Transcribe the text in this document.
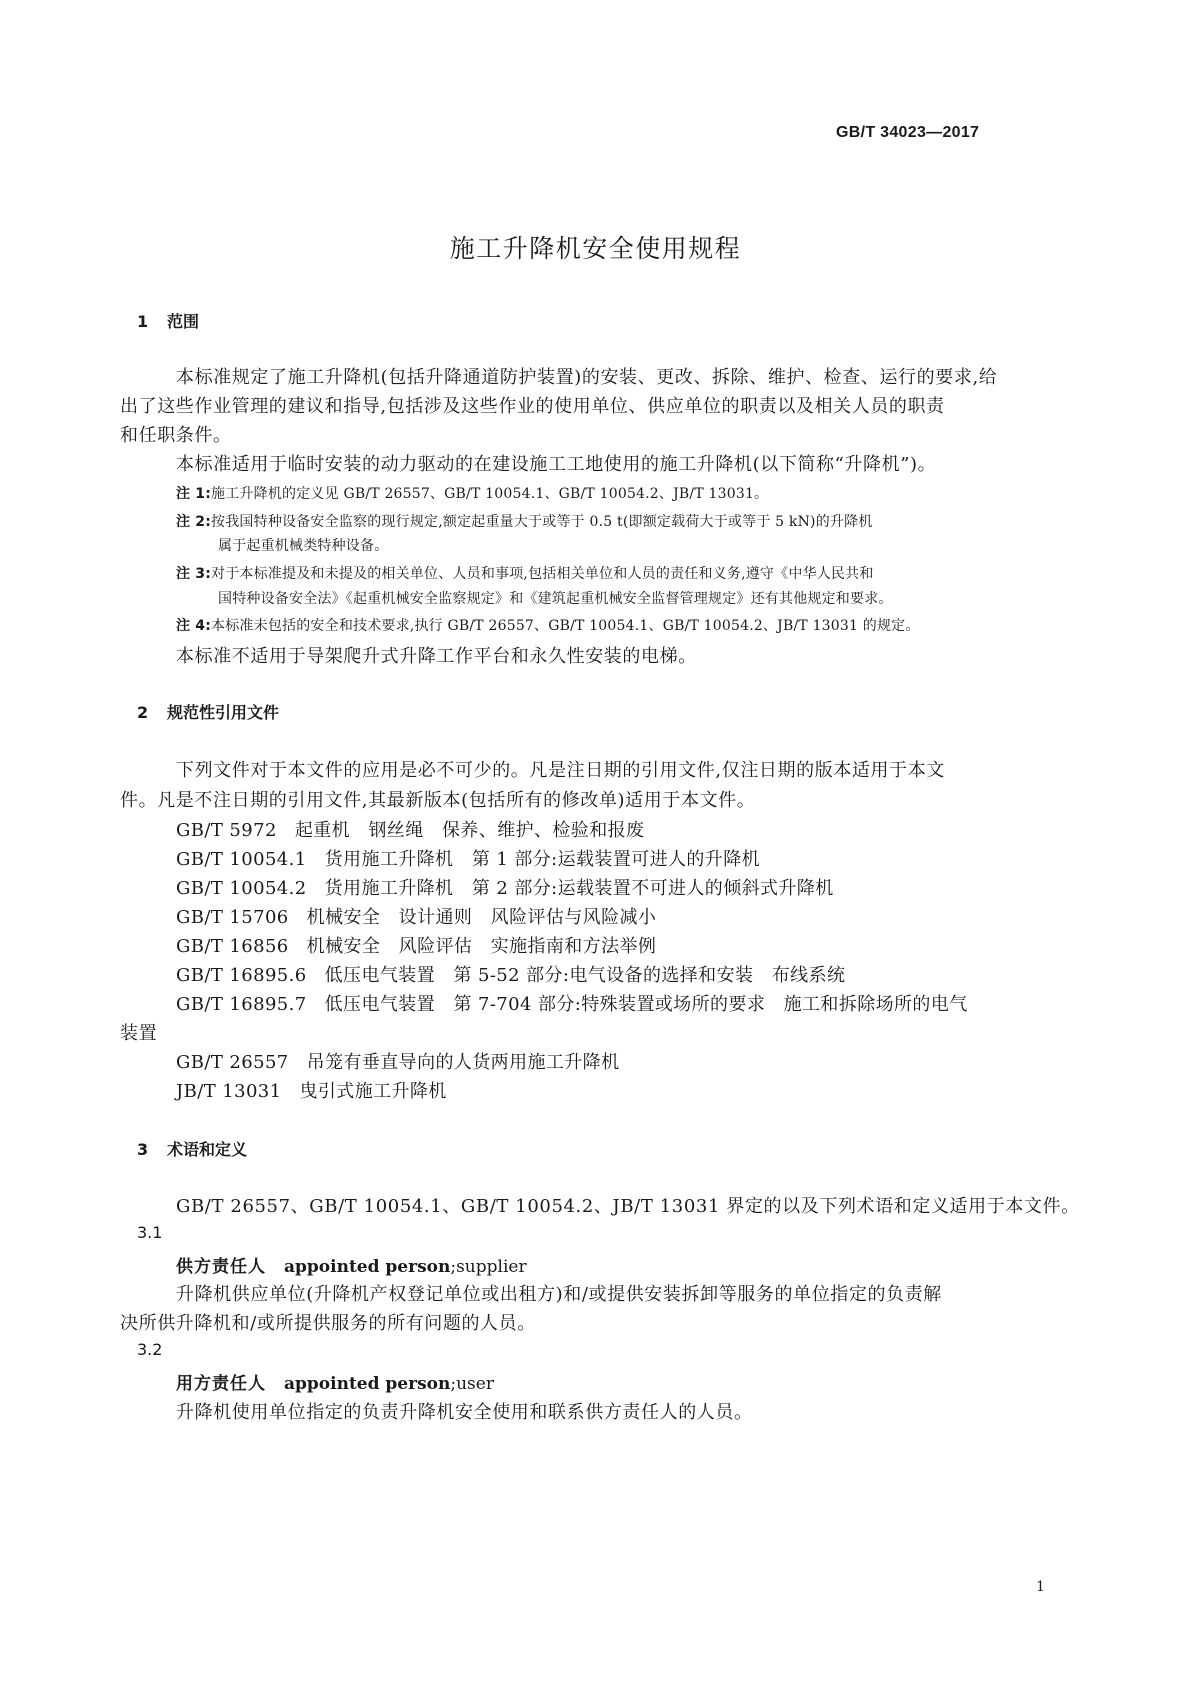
GB/T 34023—2017
施工升降机安全使用规程
1 范围
本标准规定了施工升降机(包括升降通道防护装置)的安装、更改、拆除、维护、检查、运行的要求,给
出了这些作业管理的建议和指导,包括涉及这些作业的使用单位、供应单位的职责以及相关人员的职责
和任职条件。
本标准适用于临时安装的动力驱动的在建设施工工地使用的施工升降机(以下简称“升降机”)。
注 1:施工升降机的定义见 GB/T 26557、GB/T 10054.1、GB/T 10054.2、JB/T 13031。
注 2:按我国特种设备安全监察的现行规定,额定起重量大于或等于 0.5 t(即额定载荷大于或等于 5 kN)的升降机
属于起重机械类特种设备。
注 3:对于本标准提及和未提及的相关单位、人员和事项,包括相关单位和人员的责任和义务,遵守《中华人民共和
国特种设备安全法》《起重机械安全监察规定》和《建筑起重机械安全监督管理规定》还有其他规定和要求。
注 4:本标准未包括的安全和技术要求,执行 GB/T 26557、GB/T 10054.1、GB/T 10054.2、JB/T 13031 的规定。
本标准不适用于导架爬升式升降工作平台和永久性安装的电梯。
2 规范性引用文件
下列文件对于本文件的应用是必不可少的。凡是注日期的引用文件,仅注日期的版本适用于本文
件。凡是不注日期的引用文件,其最新版本(包括所有的修改单)适用于本文件。
GB/T 5972 起重机　钢丝绳　保养、维护、检验和报废
GB/T 10054.1 货用施工升降机　第 1 部分:运载装置可进人的升降机
GB/T 10054.2 货用施工升降机　第 2 部分:运载装置不可进人的倾斜式升降机
GB/T 15706 机械安全　设计通则　风险评估与风险减小
GB/T 16856 机械安全　风险评估　实施指南和方法举例
GB/T 16895.6 低压电气装置　第 5-52 部分:电气设备的选择和安装　布线系统
GB/T 16895.7 低压电气装置　第 7-704 部分:特殊装置或场所的要求　施工和拆除场所的电气
装置
GB/T 26557 吊笼有垂直导向的人货两用施工升降机
JB/T 13031 曳引式施工升降机
3 术语和定义
GB/T 26557、GB/T 10054.1、GB/T 10054.2、JB/T 13031 界定的以及下列术语和定义适用于本文件。
3.1
供方责任人 appointed person;supplier
升降机供应单位(升降机产权登记单位或出租方)和/或提供安装拆卸等服务的单位指定的负责解
决所供升降机和/或所提供服务的所有问题的人员。
3.2
用方责任人 appointed person;user
升降机使用单位指定的负责升降机安全使用和联系供方责任人的人员。
1
